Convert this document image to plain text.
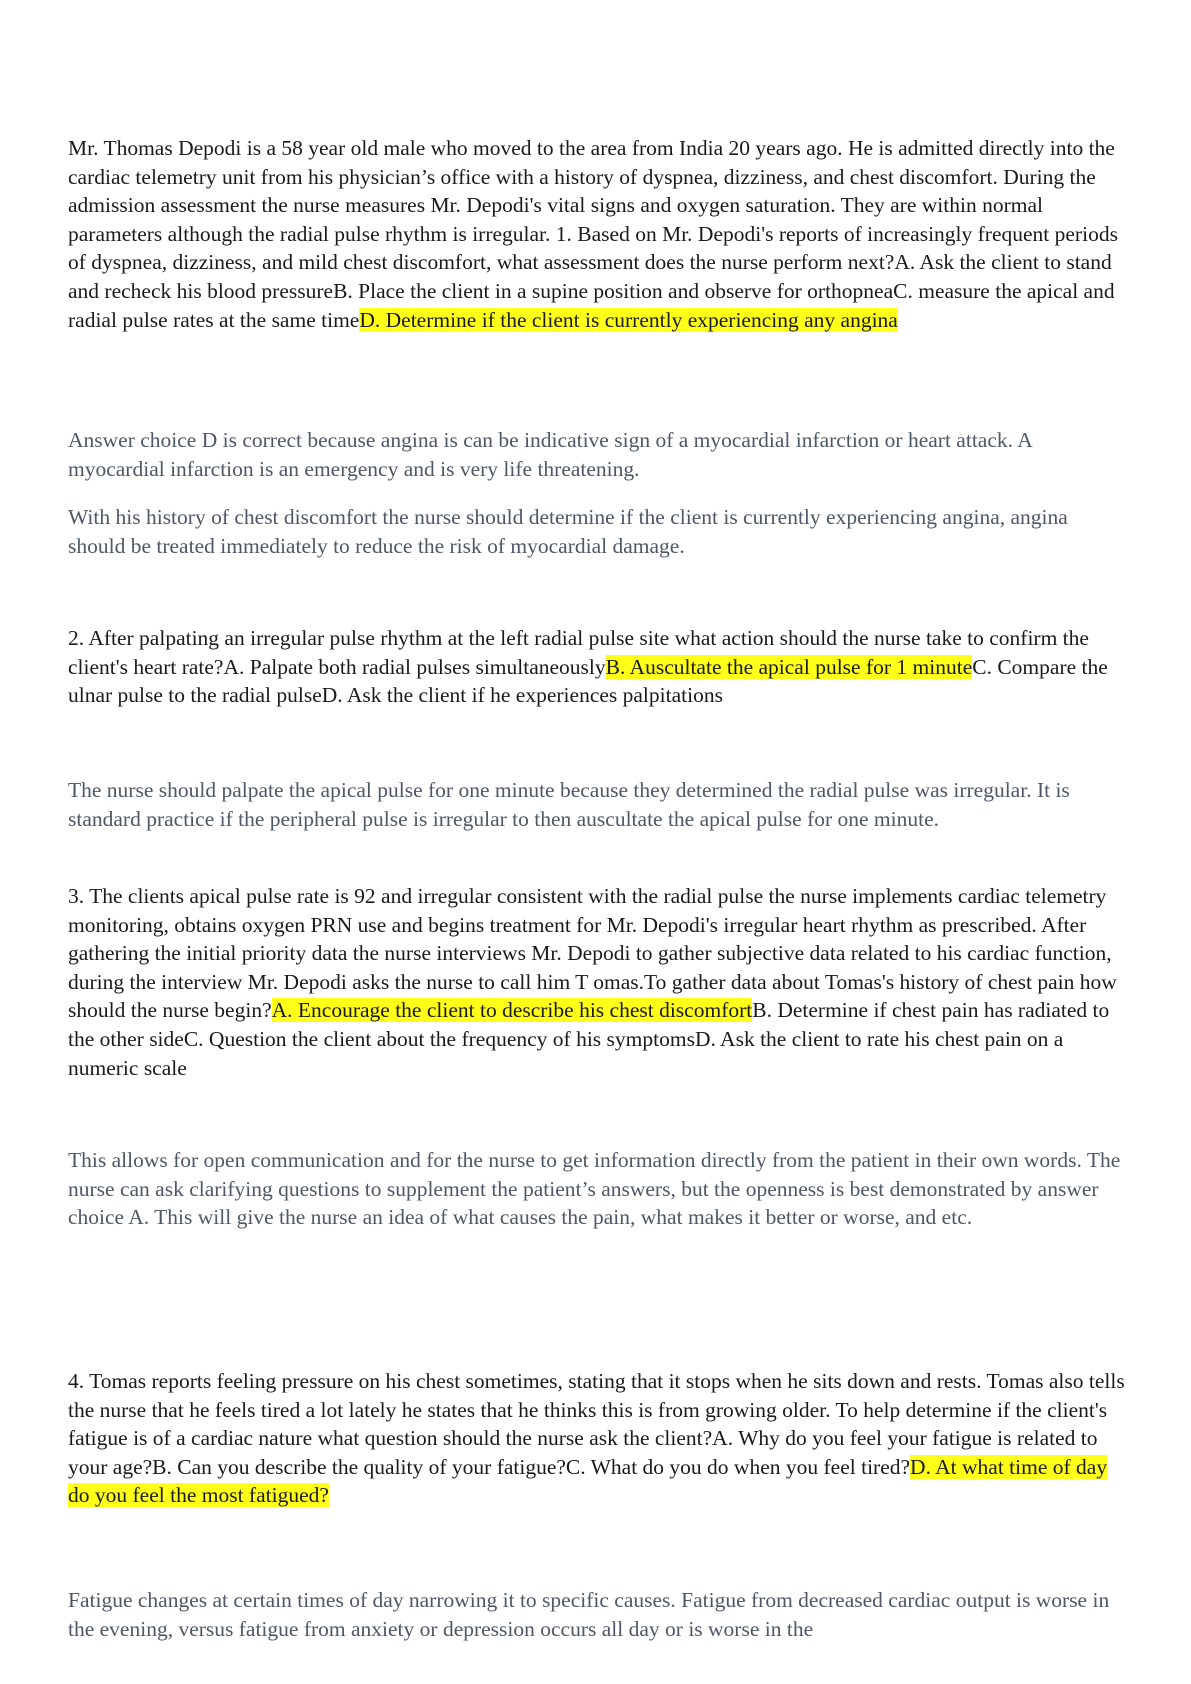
Mr. Thomas Depodi is a 58 year old male who moved to the area from India 20 years ago. He is admitted directly into the cardiac telemetry unit from his physician’s office with a history of dyspnea, dizziness, and chest discomfort. During the admission assessment the nurse measures Mr. Depodi's vital signs and oxygen saturation. They are within normal parameters although the radial pulse rhythm is irregular. 1. Based on Mr. Depodi's reports of increasingly frequent periods of dyspnea, dizziness, and mild chest discomfort, what assessment does the nurse perform next?A. Ask the client to stand and recheck his blood pressureB. Place the client in a supine position and observe for orthopneaC. measure the apical and radial pulse rates at the same timeD. Determine if the client is currently experiencing any angina

Answer choice D is correct because angina is can be indicative sign of a myocardial infarction or heart attack. A myocardial infarction is an emergency and is very life threatening.

With his history of chest discomfort the nurse should determine if the client is currently experiencing angina, angina should be treated immediately to reduce the risk of myocardial damage.

2. After palpating an irregular pulse rhythm at the left radial pulse site what action should the nurse take to confirm the client's heart rate?A. Palpate both radial pulses simultaneouslyB. Auscultate the apical pulse for 1 minuteC. Compare the ulnar pulse to the radial pulseD. Ask the client if he experiences palpitations

The nurse should palpate the apical pulse for one minute because they determined the radial pulse was irregular. It is standard practice if the peripheral pulse is irregular to then auscultate the apical pulse for one minute.

3. The clients apical pulse rate is 92 and irregular consistent with the radial pulse the nurse implements cardiac telemetry monitoring, obtains oxygen PRN use and begins treatment for Mr. Depodi's irregular heart rhythm as prescribed. After gathering the initial priority data the nurse interviews Mr. Depodi to gather subjective data related to his cardiac function, during the interview Mr. Depodi asks the nurse to call him T omas.To gather data about Tomas's history of chest pain how should the nurse begin?A. Encourage the client to describe his chest discomfortB. Determine if chest pain has radiated to the other sideC. Question the client about the frequency of his symptomsD. Ask the client to rate his chest pain on a numeric scale

This allows for open communication and for the nurse to get information directly from the patient in their own words. The nurse can ask clarifying questions to supplement the patient’s answers, but the openness is best demonstrated by answer choice A. This will give the nurse an idea of what causes the pain, what makes it better or worse, and etc.

4. Tomas reports feeling pressure on his chest sometimes, stating that it stops when he sits down and rests. Tomas also tells the nurse that he feels tired a lot lately he states that he thinks this is from growing older. To help determine if the client's fatigue is of a cardiac nature what question should the nurse ask the client?A. Why do you feel your fatigue is related to your age?B. Can you describe the quality of your fatigue?C. What do you do when you feel tired?D. At what time of day do you feel the most fatigued?

Fatigue changes at certain times of day narrowing it to specific causes. Fatigue from decreased cardiac output is worse in the evening, versus fatigue from anxiety or depression occurs all day or is worse in the
